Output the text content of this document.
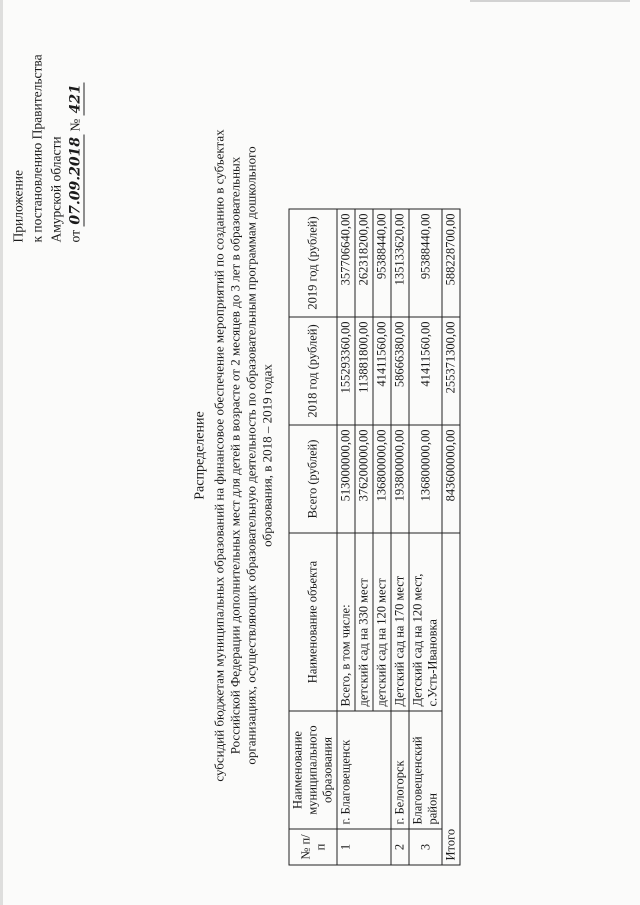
Приложение к постановлению Правительства Амурской области от 07.09.2018 № 421
Распределение субсидий бюджетам муниципальных образований на финансовое обеспечение мероприятий по созданию в субъектах Российской Федерации дополнительных мест для детей в возрасте от 2 месяцев до 3 лет в образовательных организациях, осуществляющих образовательную деятельность по образовательным программам дошкольного образования, в 2018 – 2019 годах
№ п/п	Наименование муниципального образования	Наименование объекта	Всего (рублей)	2018 год (рублей)	2019 год (рублей)
1	г. Благовещенск	Всего, в том числе:	513000000,00	155293360,00	357706640,00
		детский сад на 330 мест	376200000,00	113881800,00	262318200,00
		детский сад на 120 мест	136800000,00	41411560,00	95388440,00
2	г. Белогорск	Детский сад на 170 мест	193800000,00	58666380,00	135133620,00
3	Благовещенский район	Детский сад на 120 мест, с.Усть-Ивановка	136800000,00	41411560,00	95388440,00
Итого			843600000,00	255371300,00	588228700,00
